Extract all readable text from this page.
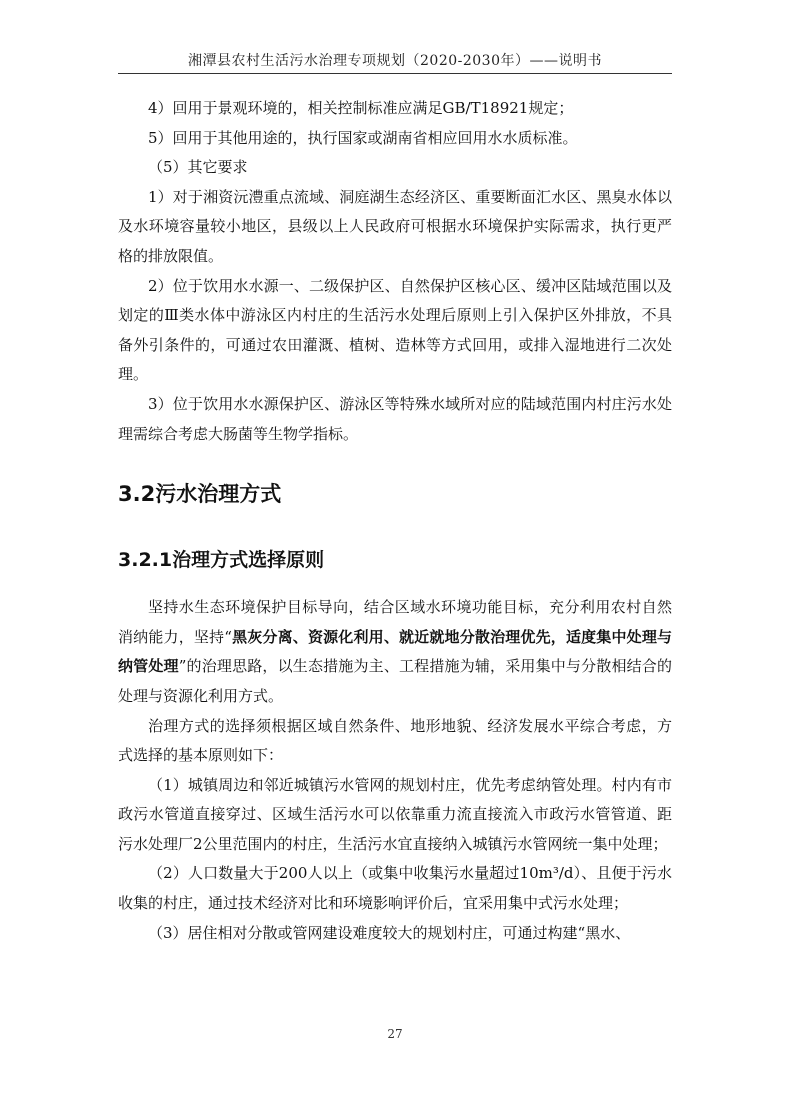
湘潭县农村生活污水治理专项规划（2020-2030年）——说明书

4）回用于景观环境的，相关控制标准应满足GB/T18921规定；

5）回用于其他用途的，执行国家或湖南省相应回用水水质标准。

（5）其它要求

1）对于湘资沅澧重点流域、洞庭湖生态经济区、重要断面汇水区、黑臭水体以及水环境容量较小地区，县级以上人民政府可根据水环境保护实际需求，执行更严格的排放限值。

2）位于饮用水水源一、二级保护区、自然保护区核心区、缓冲区陆域范围以及划定的Ⅲ类水体中游泳区内村庄的生活污水处理后原则上引入保护区外排放，不具备外引条件的，可通过农田灌溉、植树、造林等方式回用，或排入湿地进行二次处理。

3）位于饮用水水源保护区、游泳区等特殊水域所对应的陆域范围内村庄污水处理需综合考虑大肠菌等生物学指标。

3.2污水治理方式
3.2.1治理方式选择原则

坚持水生态环境保护目标导向，结合区域水环境功能目标，充分利用农村自然消纳能力，坚持“黑灰分离、资源化利用、就近就地分散治理优先，适度集中处理与纳管处理”的治理思路，以生态措施为主、工程措施为辅，采用集中与分散相结合的处理与资源化利用方式。

治理方式的选择须根据区域自然条件、地形地貌、经济发展水平综合考虑，方式选择的基本原则如下：

（1）城镇周边和邻近城镇污水管网的规划村庄，优先考虑纳管处理。村内有市政污水管道直接穿过、区域生活污水可以依靠重力流直接流入市政污水管管道、距污水处理厂2公里范围内的村庄，生活污水宜直接纳入城镇污水管网统一集中处理；

（2）人口数量大于200人以上（或集中收集污水量超过10m³/d）、且便于污水收集的村庄，通过技术经济对比和环境影响评价后，宜采用集中式污水处理；

（3）居住相对分散或管网建设难度较大的规划村庄，可通过构建“黑水、

27
